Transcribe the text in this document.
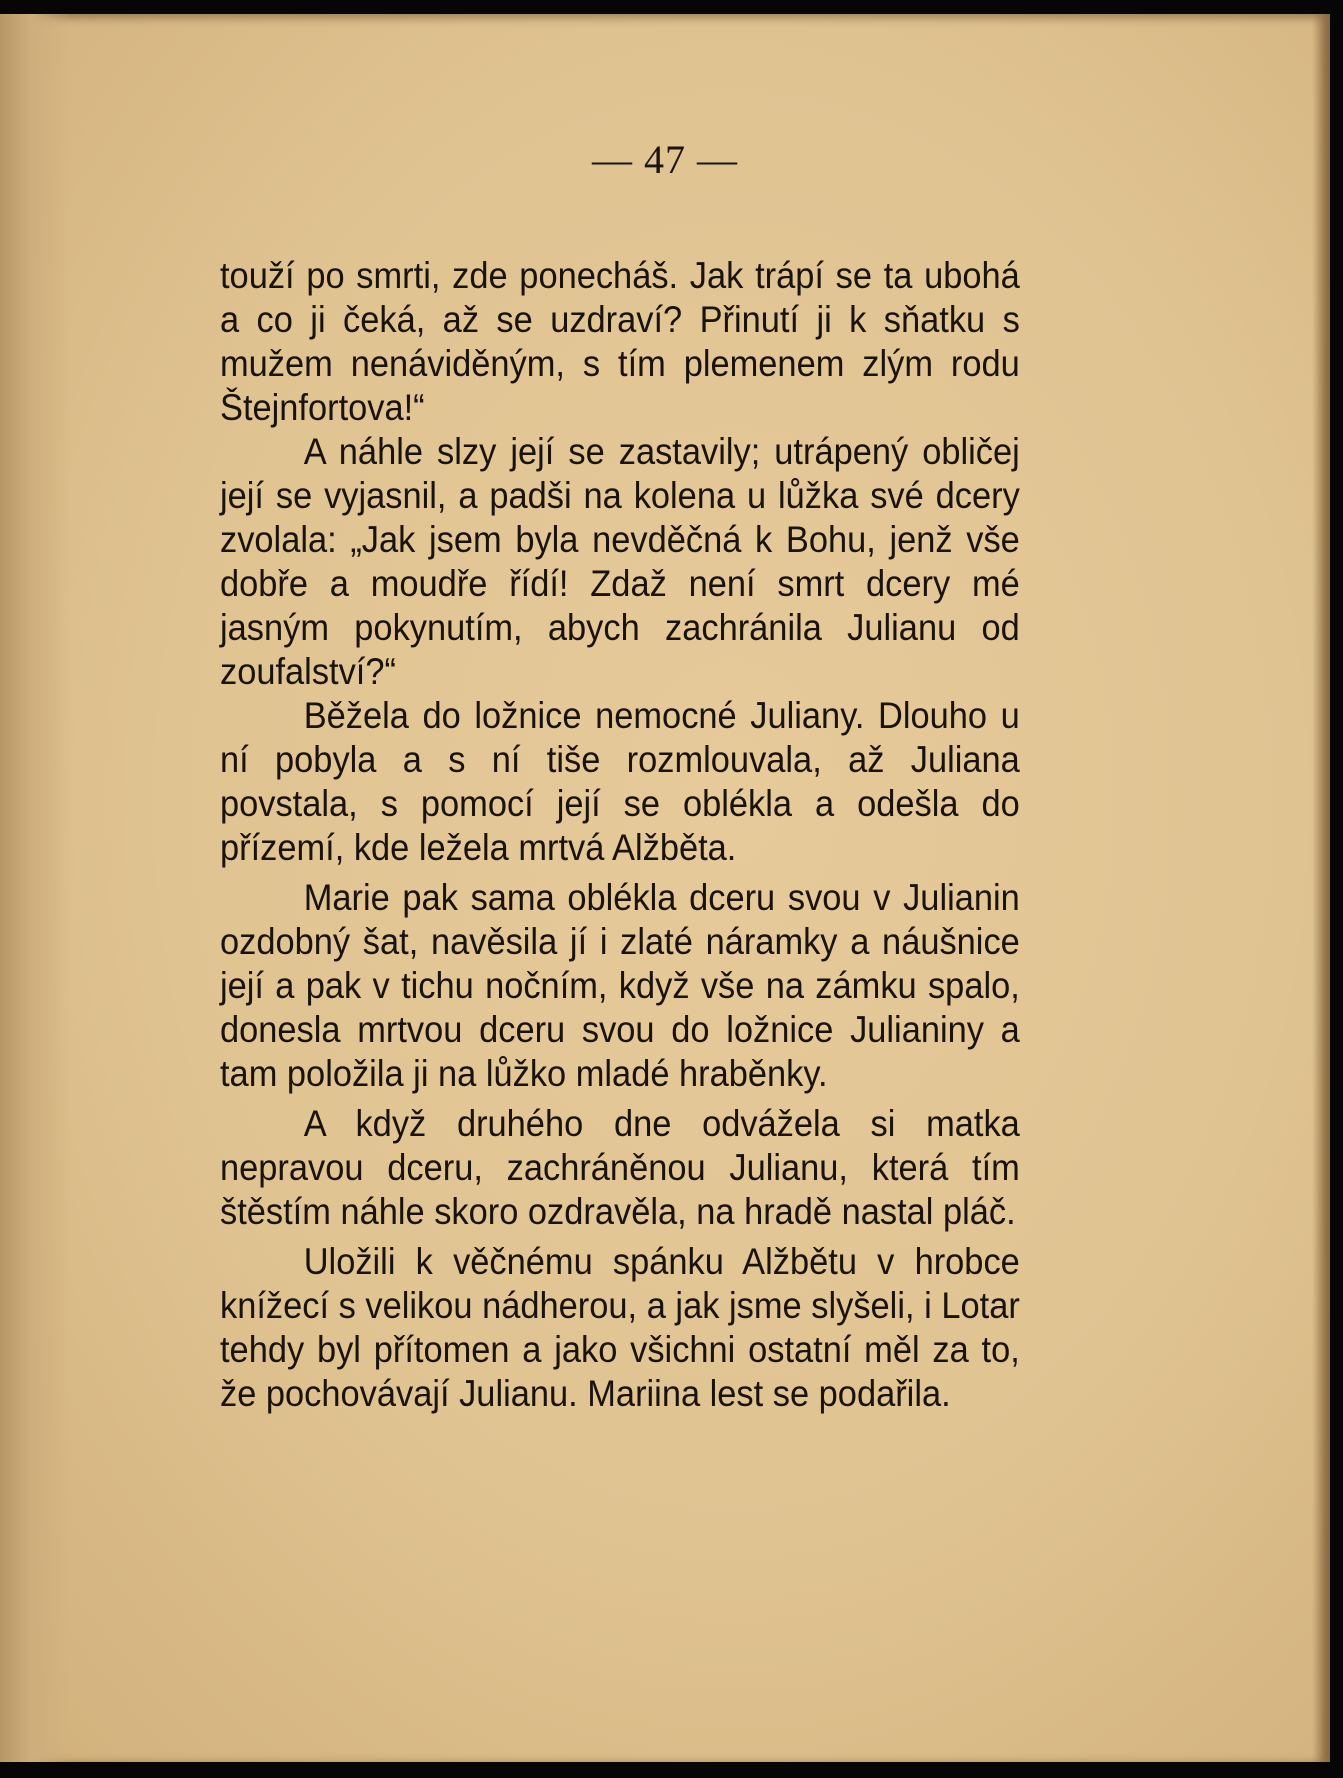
— 47 —

touží po smrti, zde ponecháš. Jak trápí se ta ubohá a co ji čeká, až se uzdraví? Přinutí ji k sňatku s mužem nenáviděným, s tím plemenem zlým rodu Štejnfortova!“

A náhle slzy její se zastavily; utrápený obličej její se vyjasnil, a padši na kolena u lůžka své dcery zvolala: „Jak jsem byla nevděčná k Bohu, jenž vše dobře a moudře řídí! Zdaž není smrt dcery mé jasným pokynutím, abych zachránila Julianu od zoufalství?“

Běžela do ložnice nemocné Juliany. Dlouho u ní pobyla a s ní tiše rozmlouvala, až Juliana povstala, s pomocí její se oblékla a odešla do přízemí, kde ležela mrtvá Alžběta.

Marie pak sama oblékla dceru svou v Julianin ozdobný šat, navěsila jí i zlaté náramky a náušnice její a pak v tichu nočním, když vše na zámku spalo, donesla mrtvou dceru svou do ložnice Julianiny a tam položila ji na lůžko mladé hraběnky.

A když druhého dne odvážela si matka nepravou dceru, zachráněnou Julianu, která tím štěstím náhle skoro ozdravěla, na hradě nastal pláč.

Uložili k věčnému spánku Alžbětu v hrobce knížecí s velikou nádherou, a jak jsme slyšeli, i Lotar tehdy byl přítomen a jako všichni ostatní měl za to, že pochovávají Julianu. Mariina lest se podařila.
